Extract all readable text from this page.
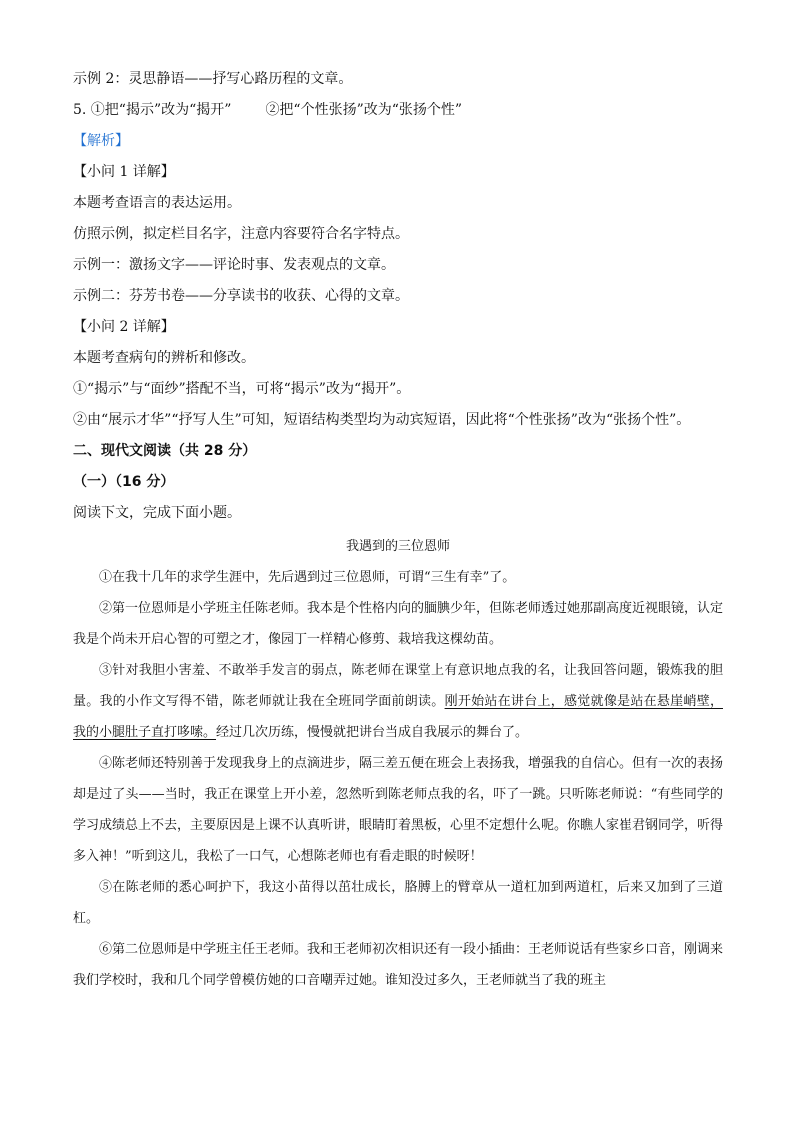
示例 2：灵思静语——抒写心路历程的文章。
5. ①把“揭示”改为“揭开” ②把“个性张扬”改为“张扬个性”
【解析】
【小问 1 详解】
本题考查语言的表达运用。
仿照示例，拟定栏目名字，注意内容要符合名字特点。
示例一：激扬文字——评论时事、发表观点的文章。
示例二：芬芳书卷——分享读书的收获、心得的文章。
【小问 2 详解】
本题考查病句的辨析和修改。
①“揭示”与“面纱”搭配不当，可将“揭示”改为“揭开”。
②由“展示才华”“抒写人生”可知，短语结构类型均为动宾短语，因此将“个性张扬”改为“张扬个性”。
二、现代文阅读（共 28 分）
（一）（16 分）
阅读下文，完成下面小题。
我遇到的三位恩师

①在我十几年的求学生涯中，先后遇到过三位恩师，可谓“三生有幸”了。

②第一位恩师是小学班主任陈老师。我本是个性格内向的腼腆少年，但陈老师透过她那副高度近视眼镜，认定我是个尚未开启心智的可塑之才，像园丁一样精心修剪、栽培我这棵幼苗。

③针对我胆小害羞、不敢举手发言的弱点，陈老师在课堂上有意识地点我的名，让我回答问题，锻炼我的胆量。我的小作文写得不错，陈老师就让我在全班同学面前朗读。刚开始站在讲台上，感觉就像是站在悬崖峭壁，我的小腿肚子直打哆嗦。经过几次历练，慢慢就把讲台当成自我展示的舞台了。

④陈老师还特别善于发现我身上的点滴进步，隔三差五便在班会上表扬我，增强我的自信心。但有一次的表扬却是过了头——当时，我正在课堂上开小差，忽然听到陈老师点我的名，吓了一跳。只听陈老师说：“有些同学的学习成绩总上不去，主要原因是上课不认真听讲，眼睛盯着黑板，心里不定想什么呢。你瞧人家崔君钢同学，听得多入神！”听到这儿，我松了一口气，心想陈老师也有看走眼的时候呀！

⑤在陈老师的悉心呵护下，我这小苗得以茁壮成长，胳膊上的臂章从一道杠加到两道杠，后来又加到了三道杠。

⑥第二位恩师是中学班主任王老师。我和王老师初次相识还有一段小插曲：王老师说话有些家乡口音，刚调来我们学校时，我和几个同学曾模仿她的口音嘲弄过她。谁知没过多久，王老师就当了我的班主
